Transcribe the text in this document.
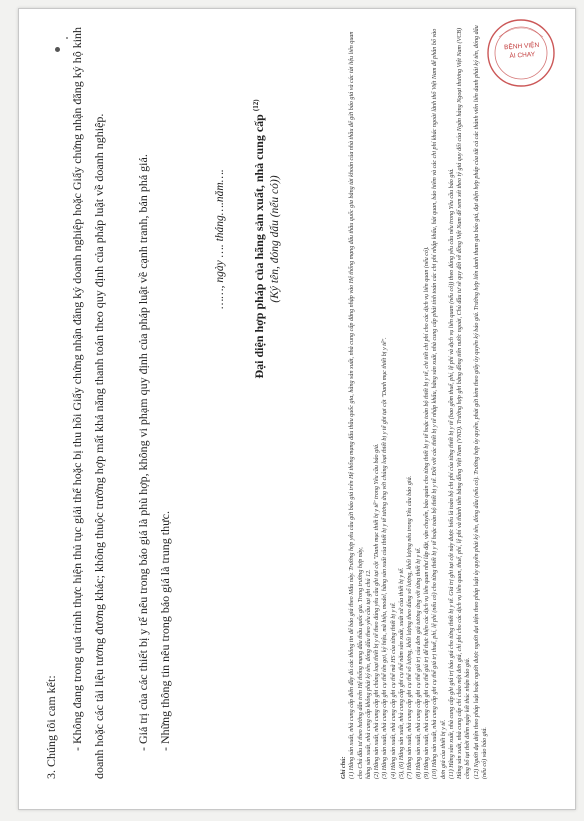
BỆNH VIỆN
ÀI CHAY
3. Chúng tôi cam kết:	- Không đang trong quá trình thực hiện thủ tục giải thể hoặc bị thu hồi Giấy chứng nhận đăng ký doanh nghiệp hoặc Giấy chứng nhận đăng ký hộ kinh doanh hoặc các tài liệu tương đương khác; không thuộc trường hợp mất khả năng thanh toán theo quy định của pháp luật về doanh nghiệp.	- Giá trị của các thiết bị y tế nêu trong báo giá là phù hợp, không vi phạm quy định của pháp luật về cạnh tranh, bán phá giá. - Những thông tin nêu trong báo giá là trung thực.
……, ngày …. tháng….năm…. Đại diện hợp pháp của hãng sản xuất, nhà cung cấp $^{(12)}$
(Ký tên, đóng dấu (nếu có))
Ghi chú: (1) Hãng sản xuất, nhà cung cấp điền đầy đủ các thông tin để báo giá theo Mẫu này. Trường hợp yêu cầu gửi báo giá trên Hệ thống mạng đấu thầu quốc gia, hãng sản xuất, nhà cung cấp đăng nhập vào Hệ thống mạng đấu thầu quốc gia bằng tài khoản của nhà thầu để gửi báo giá và các tài liệu liên quan cho Chủ đầu tư theo hướng dẫn trên Hệ thống mạng đấu thầu quốc gia. Trong trường hợp này, hãng sản xuất, nhà cung cấp không phải ký tên, đóng dấu theo yêu cầu tại ghi chú 12. (2) Hãng sản xuất, nhà cung cấp ghi chủng loại thiết bị y tế theo đúng yêu cầu ghi tại cột "Danh mục thiết bị y tế" trong Yêu cầu báo giá. (3) Hãng sản xuất, nhà cung cấp ghi cụ thể tên gọi, ký hiệu, mã hiệu, model, hãng sản xuất của thiết bị y tế tương ứng với chủng loại thiết bị y tế ghi tại cột "Danh mục thiết bị y tế". (4) Hãng sản xuất, nhà cung cấp ghi cụ thể mã HS của từng thiết bị y tế. (5), (6) Hãng sản xuất, nhà cung cấp ghi cụ thể năm sản xuất, xuất xứ của thiết bị y tế. (7) Hãng sản xuất, nhà cung cấp ghi cụ thể số lượng, khối lượng theo đúng số lượng, khối lượng nêu trong Yêu cầu báo giá. (8) Hãng sản xuất, nhà cung cấp ghi cụ thể giá trị của đơn giá tương ứng với từng thiết bị y tế. (9) Hãng sản xuất, nhà cung cấp ghi cụ thể giá trị để thực hiện các dịch vụ liên quan như lắp đặt, vận chuyển, bảo quản cho từng thiết bị y tế hoặc toàn bộ thiết bị y tế, chi tiết chi phí cho các dịch vụ liên quan (nếu có). (10) Hãng sản xuất, nhà cung cấp ghi cụ thể giá trị thuế, phí, lệ phí (nếu có) cho từng thiết bị y tế hoặc toàn bộ thiết bị y tế. Đối với các thiết bị y tế nhập khẩu, hãng sản xuất, nhà cung cấp phải tính toán các chi phí nhập khẩu, hải quan, bảo hiểm và các chi phí khác ngoài lãnh thổ Việt Nam để phân bổ vào đơn giá của thiết bị y tế. (11) Hãng sản xuất, nhà cung cấp ghi giá trị báo giá cho từng thiết bị y tế. Giá trị ghi tại cột này được hiểu là toàn bộ chi phí của từng thiết bị y tế (bao gồm thuế, phí, lệ phí và dịch vụ liên quan (nếu có)) theo đúng yêu cầu nêu trong Yêu cầu báo giá. Hãng sản xuất, nhà cung cấp chỉ chào một đơn giá, chỉ phí cho các dịch vụ liên quan, thuế, phí, lệ phí và thành tiền bằng đồng Việt Nam (VND). Trường hợp ghi bằng đồng tiền nước ngoài, Chủ đầu tư sẽ quy đổi về đồng Việt Nam để xem xét theo tỷ giá quy đổi của Ngân hàng Ngoại thương Việt Nam (VCB) công bố tại thời điểm ngày kết thúc nhận báo giá. (12) Người đại diện theo pháp luật hoặc người được người đại diện theo pháp luật ủy quyền phải ký tên, đóng dấu (nếu có). Trường hợp ủy quyền, phải gửi kèm theo giấy ủy quyền ký báo giá. Trường hợp liên danh tham gia báo giá, đại diện hợp pháp của tất cả các thành viên liên danh phải ký tên, đóng dấu (nếu có) vào báo giá.
